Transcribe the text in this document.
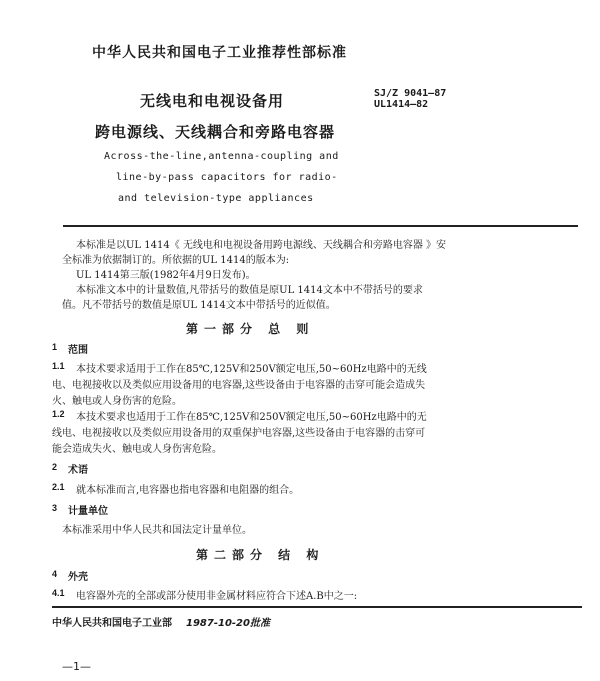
中华人民共和国电子工业推荐性部标准
无线电和电视设备用
跨电源线、天线耦合和旁路电容器
SJ/Z 9041—87
UL1414—82
Across-the-line,antenna-coupling and
line-by-pass capacitors for radio-
and television-type appliances
本标准是以UL 1414《 无线电和电视设备用跨电源线、天线耦合和旁路电容器 》安
全标准为依据制订的。所依据的UL 1414的版本为:
UL 1414第三版(1982年4月9日发布)。
本标准文本中的计量数值,凡带括号的数值是原UL 1414文本中不带括号的要求
值。凡不带括号的数值是原UL 1414文本中带括号的近似值。
第一部分 总 则
1 范围
1.1 本技术要求适用于工作在85℃,125V和250V额定电压,50~60Hz电路中的无线
电、电视接收以及类似应用设备用的电容器,这些设备由于电容器的击穿可能会造成失
火、触电或人身伤害的危险。
1.2 本技术要求也适用于工作在85℃,125V和250V额定电压,50~60Hz电路中的无
线电、电视接收以及类似应用设备用的双重保护电容器,这些设备由于电容器的击穿可
能会造成失火、触电或人身伤害危险。
2 术语
2.1 就本标准而言,电容器也指电容器和电阻器的组合。
3 计量单位
本标准采用中华人民共和国法定计量单位。
第二部分 结 构
4 外壳
4.1 电容器外壳的全部或部分使用非金属材料应符合下述A.B中之一:
中华人民共和国电子工业部 1987-10-20批准
—1—
